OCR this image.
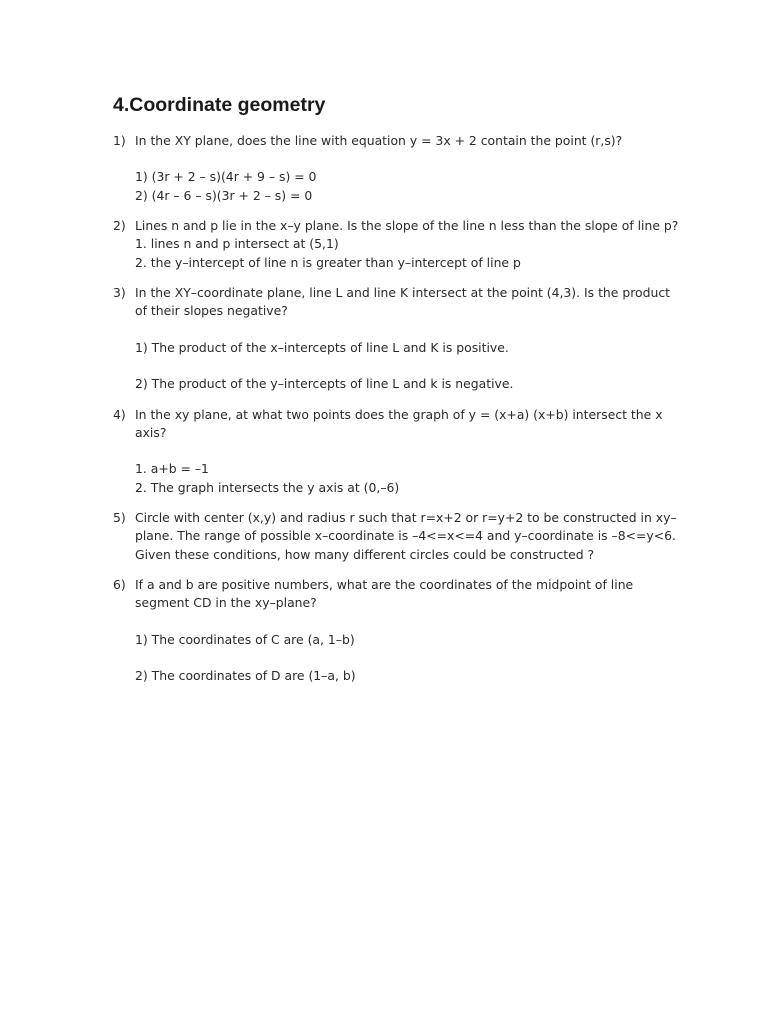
4.Coordinate geometry
1) In the XY plane, does the line with equation y = 3x + 2 contain the point (r,s)?
1) (3r + 2 – s)(4r + 9 – s) = 0
2) (4r – 6 – s)(3r + 2 – s) = 0
2) Lines n and p lie in the x–y plane. Is the slope of the line n less than the slope of line p?
1. lines n and p intersect at (5,1)
2. the y–intercept of line n is greater than y–intercept of line p
3) In the XY–coordinate plane, line L and line K intersect at the point (4,3). Is the product of their slopes negative?
1) The product of the x–intercepts of line L and K is positive.
2) The product of the y–intercepts of line L and k is negative.
4) In the xy plane, at what two points does the graph of y = (x+a) (x+b) intersect the x axis?
1. a+b = –1
2. The graph intersects the y axis at (0,–6)
5) Circle with center (x,y) and radius r such that r=x+2 or r=y+2 to be constructed in xy–plane. The range of possible x–coordinate is –4<=x<=4 and y–coordinate is –8<=y<6. Given these conditions, how many different circles could be constructed ?
6) If a and b are positive numbers, what are the coordinates of the midpoint of line segment CD in the xy–plane?
1) The coordinates of C are (a, 1–b)
2) The coordinates of D are (1–a, b)
